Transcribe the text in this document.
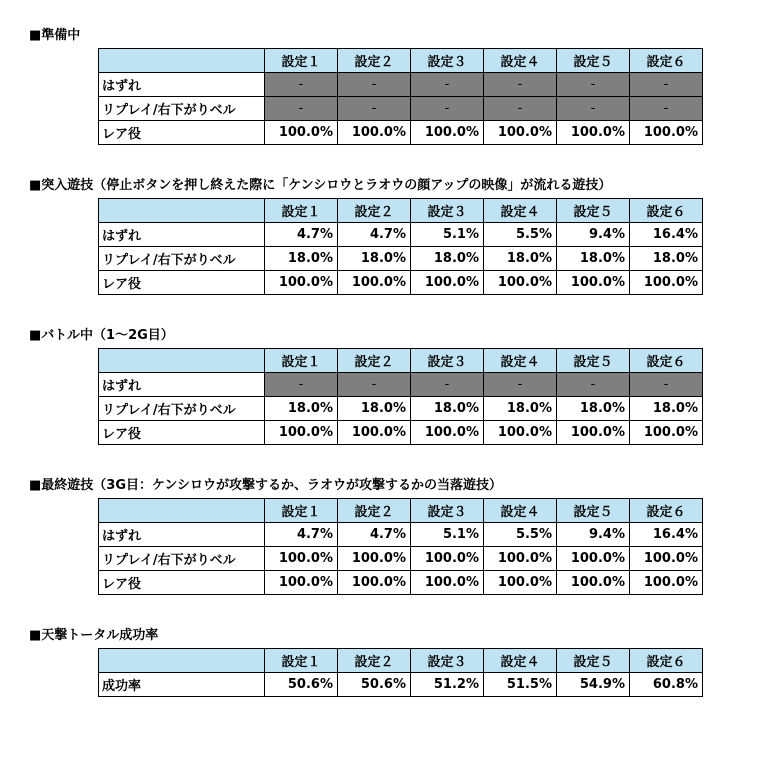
■準備中
	設定１	設定２	設定３	設定４	設定５	設定６
はずれ	-	-	-	-	-	-
リプレイ/右下がりベル	-	-	-	-	-	-
レア役	100.0%	100.0%	100.0%	100.0%	100.0%	100.0%
■突入遊技（停止ボタンを押し終えた際に「ケンシロウとラオウの顔アップの映像」が流れる遊技）
	設定１	設定２	設定３	設定４	設定５	設定６
はずれ	4.7%	4.7%	5.1%	5.5%	9.4%	16.4%
リプレイ/右下がりベル	18.0%	18.0%	18.0%	18.0%	18.0%	18.0%
レア役	100.0%	100.0%	100.0%	100.0%	100.0%	100.0%
■バトル中（1～2G目）
	設定１	設定２	設定３	設定４	設定５	設定６
はずれ	-	-	-	-	-	-
リプレイ/右下がりベル	18.0%	18.0%	18.0%	18.0%	18.0%	18.0%
レア役	100.0%	100.0%	100.0%	100.0%	100.0%	100.0%
■最終遊技（3G目：ケンシロウが攻撃するか、ラオウが攻撃するかの当落遊技）
	設定１	設定２	設定３	設定４	設定５	設定６
はずれ	4.7%	4.7%	5.1%	5.5%	9.4%	16.4%
リプレイ/右下がりベル	100.0%	100.0%	100.0%	100.0%	100.0%	100.0%
レア役	100.0%	100.0%	100.0%	100.0%	100.0%	100.0%
■天撃トータル成功率
	設定１	設定２	設定３	設定４	設定５	設定６
成功率	50.6%	50.6%	51.2%	51.5%	54.9%	60.8%
